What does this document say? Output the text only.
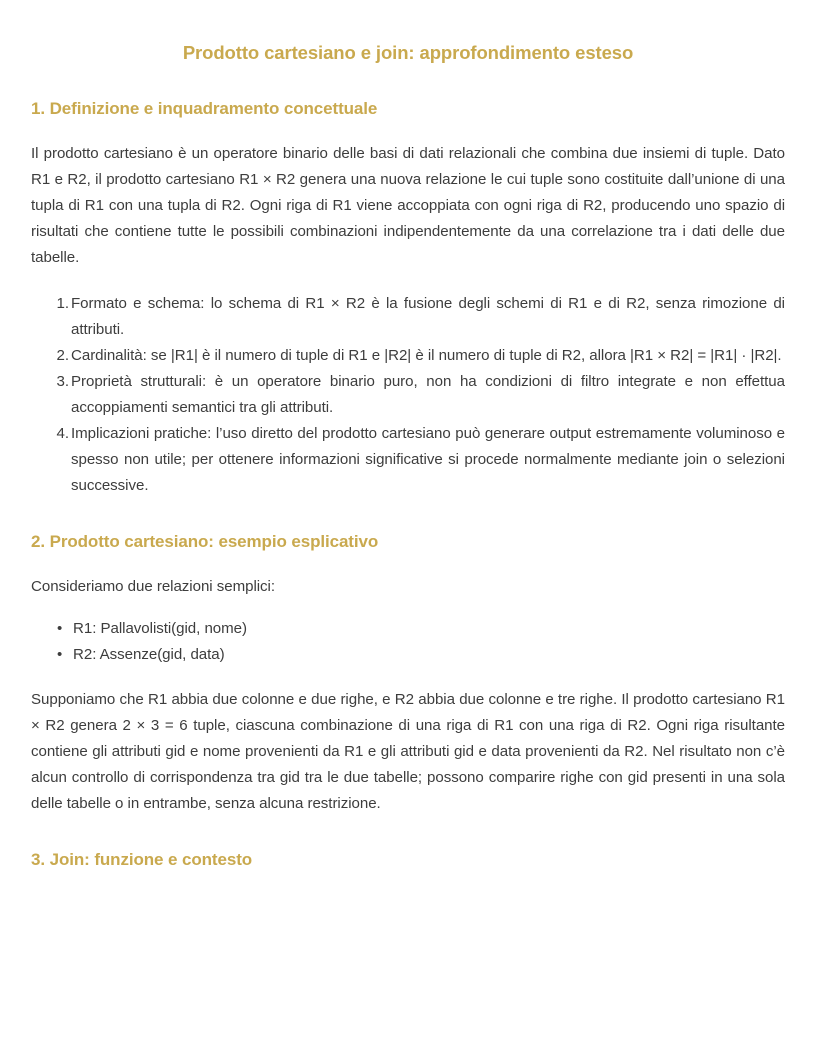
Prodotto cartesiano e join: approfondimento esteso
1. Definizione e inquadramento concettuale

Il prodotto cartesiano è un operatore binario delle basi di dati relazionali che combina due insiemi di tuple. Dato R1 e R2, il prodotto cartesiano R1 × R2 genera una nuova relazione le cui tuple sono costituite dall’unione di una tupla di R1 con una tupla di R2. Ogni riga di R1 viene accoppiata con ogni riga di R2, producendo uno spazio di risultati che contiene tutte le possibili combinazioni indipendentemente da una correlazione tra i dati delle due tabelle.

Formato e schema: lo schema di R1 × R2 è la fusione degli schemi di R1 e di R2, senza rimozione di attributi.
Cardinalità: se |R1| è il numero di tuple di R1 e |R2| è il numero di tuple di R2, allora |R1 × R2| = |R1| · |R2|.
Proprietà strutturali: è un operatore binario puro, non ha condizioni di filtro integrate e non effettua accoppiamenti semantici tra gli attributi.
Implicazioni pratiche: l’uso diretto del prodotto cartesiano può generare output estremamente voluminoso e spesso non utile; per ottenere informazioni significative si procede normalmente mediante join o selezioni successive.
2. Prodotto cartesiano: esempio esplicativo

Consideriamo due relazioni semplici:

• R1: Pallavolisti(gid, nome)
• R2: Assenze(gid, data)

Supponiamo che R1 abbia due colonne e due righe, e R2 abbia due colonne e tre righe. Il prodotto cartesiano R1 × R2 genera 2 × 3 = 6 tuple, ciascuna combinazione di una riga di R1 con una riga di R2. Ogni riga risultante contiene gli attributi gid e nome provenienti da R1 e gli attributi gid e data provenienti da R2. Nel risultato non c’è alcun controllo di corrispondenza tra gid tra le due tabelle; possono comparire righe con gid presenti in una sola delle tabelle o in entrambe, senza alcuna restrizione.

3. Join: funzione e contesto
